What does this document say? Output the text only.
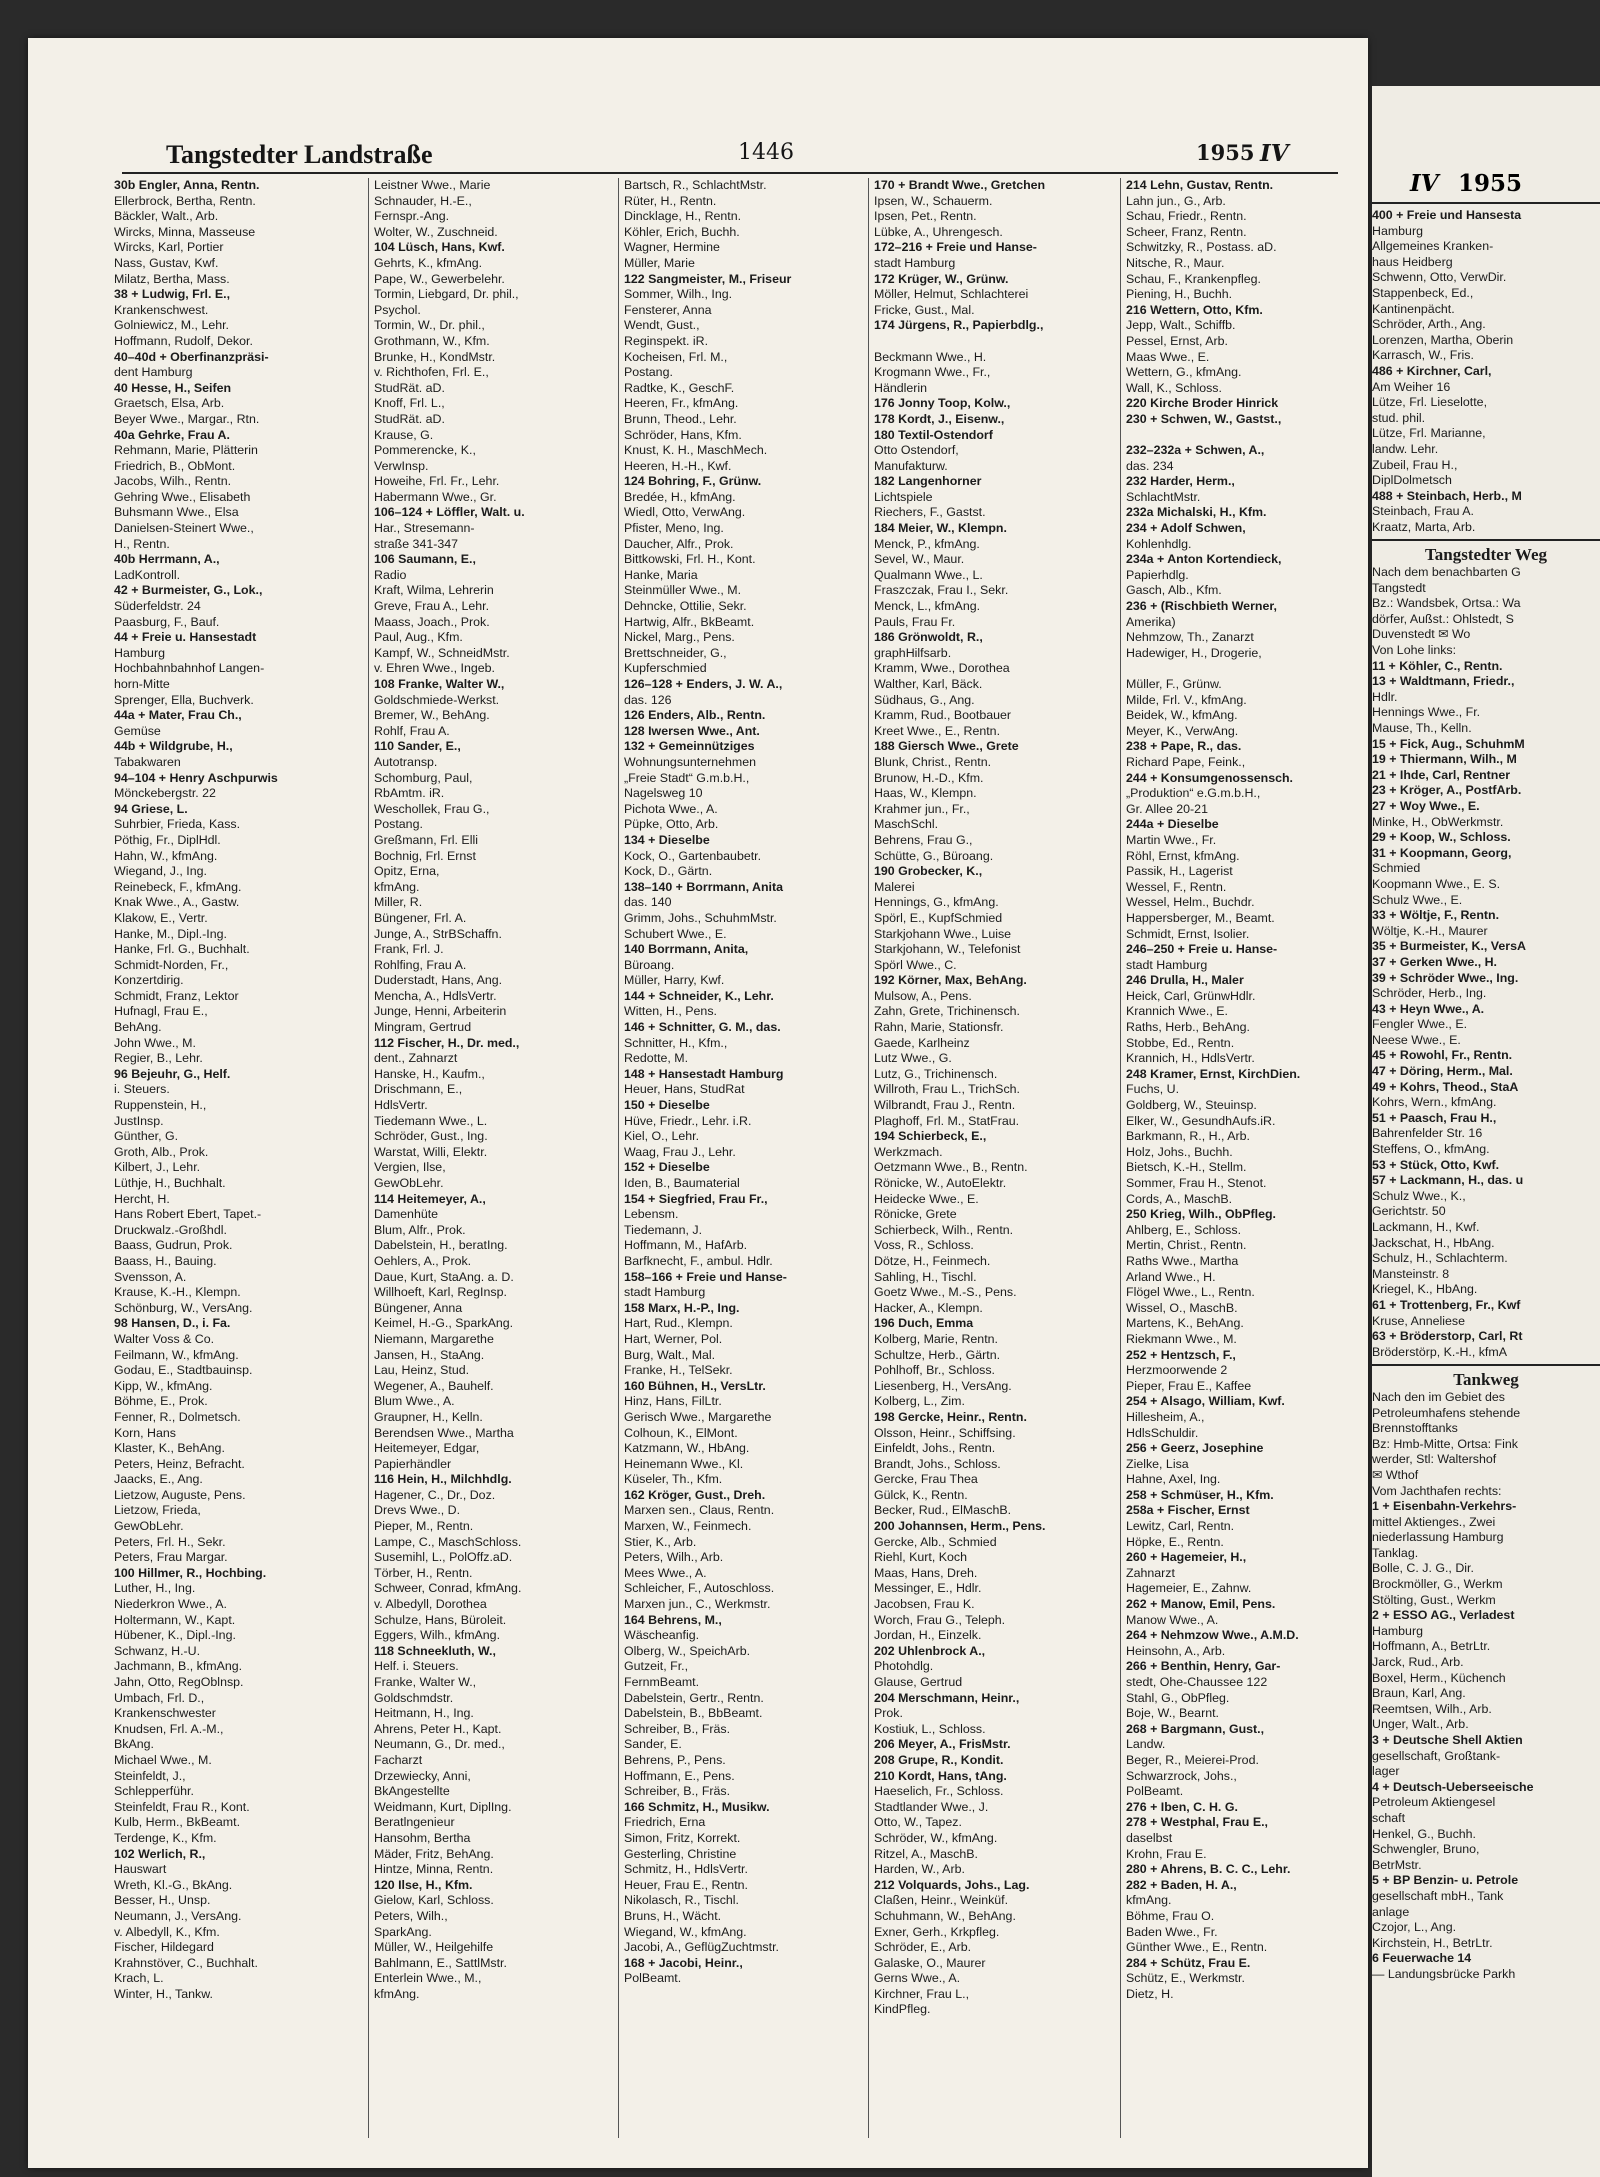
Tangstedter Landstraße	1446	1955 IV
30b Engler, Anna, Rentn.
Ellerbrock, Bertha, Rentn.
Bäckler, Walt., Arb.
Wircks, Minna, Masseuse
Wircks, Karl, Portier
Nass, Gustav, Kwf.
Milatz, Bertha, Mass.
38 + Ludwig, Frl. E.,
Krankenschwest.
Golniewicz, M., Lehr.
Hoffmann, Rudolf, Dekor.
40–40d + Oberfinanzpräsi-
dent Hamburg
40 Hesse, H., Seifen
Graetsch, Elsa, Arb.
Beyer Wwe., Margar., Rtn.
40a Gehrke, Frau A.
Rehmann, Marie, Plätterin
Friedrich, B., ObMont.
Jacobs, Wilh., Rentn.
Gehring Wwe., Elisabeth
Buhsmann Wwe., Elsa
Danielsen-Steinert Wwe.,
H., Rentn.
40b Herrmann, A.,
LadKontroll.
42 + Burmeister, G., Lok.,
Süderfeldstr. 24
Paasburg, F., Bauf.
44 + Freie u. Hansestadt
Hamburg
Hochbahnbahnhof Langen-
horn-Mitte
Sprenger, Ella, Buchverk.
44a + Mater, Frau Ch.,
Gemüse
44b + Wildgrube, H.,
Tabakwaren
94–104 + Henry Aschpurwis
Mönckebergstr. 22
94 Griese, L.
Suhrbier, Frieda, Kass.
Pöthig, Fr., DiplHdl.
Hahn, W., kfmAng.
Wiegand, J., Ing.
Reinebeck, F., kfmAng.
Knak Wwe., A., Gastw.
Klakow, E., Vertr.
Hanke, M., Dipl.-Ing.
Hanke, Frl. G., Buchhalt.
Schmidt-Norden, Fr.,
Konzertdirig.
Schmidt, Franz, Lektor
Hufnagl, Frau E.,
BehAng.
John Wwe., M.
Regier, B., Lehr.
96 Bejeuhr, G., Helf.
i. Steuers.
Ruppenstein, H.,
JustInsp.
Günther, G.
Groth, Alb., Prok.
Kilbert, J., Lehr.
Lüthje, H., Buchhalt.
Hercht, H.
Hans Robert Ebert, Tapet.-
Druckwalz.-Großhdl.
Baass, Gudrun, Prok.
Baass, H., Bauing.
Svensson, A.
Krause, K.-H., Klempn.
Schönburg, W., VersAng.
98 Hansen, D., i. Fa.
Walter Voss & Co.
Feilmann, W., kfmAng.
Godau, E., Stadtbauinsp.
Kipp, W., kfmAng.
Böhme, E., Prok.
Fenner, R., Dolmetsch.
Korn, Hans
Klaster, K., BehAng.
Peters, Heinz, Befracht.
Jaacks, E., Ang.
Lietzow, Auguste, Pens.
Lietzow, Frieda,
GewObLehr.
Peters, Frl. H., Sekr.
Peters, Frau Margar.
100 Hillmer, R., Hochbing.
Luther, H., Ing.
Niederkron Wwe., A.
Holtermann, W., Kapt.
Hübener, K., Dipl.-Ing.
Schwanz, H.-U.
Jachmann, B., kfmAng.
Jahn, Otto, RegOblnsp.
Umbach, Frl. D.,
Krankenschwester
Knudsen, Frl. A.-M.,
BkAng.
Michael Wwe., M.
Steinfeldt, J.,
Schlepperführ.
Steinfeldt, Frau R., Kont.
Kulb, Herm., BkBeamt.
Terdenge, K., Kfm.
102 Werlich, R.,
Hauswart
Wreth, Kl.-G., BkAng.
Besser, H., Unsp.
Neumann, J., VersAng.
v. Albedyll, K., Kfm.
Fischer, Hildegard
Krahnstöver, C., Buchhalt.
Krach, L.
Winter, H., Tankw.
Leistner Wwe., Marie
Schnauder, H.-E.,
Fernspr.-Ang.
Wolter, W., Zuschneid.
104 Lüsch, Hans, Kwf.
Gehrts, K., kfmAng.
Pape, W., Gewerbelehr.
Tormin, Liebgard, Dr. phil.,
Psychol.
Tormin, W., Dr. phil.,
Grothmann, W., Kfm.
Brunke, H., KondMstr.
v. Richthofen, Frl. E.,
StudRät. aD.
Knoff, Frl. L.,
StudRät. aD.
Krause, G.
Pommerencke, K.,
VerwInsp.
Howeihe, Frl. Fr., Lehr.
Habermann Wwe., Gr.
106–124 + Löffler, Walt. u.
Har., Stresemann-
straße 341-347
106 Saumann, E.,
Radio
Kraft, Wilma, Lehrerin
Greve, Frau A., Lehr.
Maass, Joach., Prok.
Paul, Aug., Kfm.
Kampf, W., SchneidMstr.
v. Ehren Wwe., Ingeb.
108 Franke, Walter W.,
Goldschmiede-Werkst.
Bremer, W., BehAng.
Rohlf, Frau A.
110 Sander, E.,
Autotransp.
Schomburg, Paul,
RbAmtm. iR.
Weschollek, Frau G.,
Postang.
Greßmann, Frl. Elli
Bochnig, Frl. Ernst
Opitz, Erna,
kfmAng.
Miller, R.
Büngener, Frl. A.
Junge, A., StrBSchaffn.
Frank, Frl. J.
Rohlfing, Frau A.
Duderstadt, Hans, Ang.
Mencha, A., HdlsVertr.
Junge, Henni, Arbeiterin
Mingram, Gertrud
112 Fischer, H., Dr. med.,
dent., Zahnarzt
Hanske, H., Kaufm.,
Drischmann, E.,
HdlsVertr.
Tiedemann Wwe., L.
Schröder, Gust., Ing.
Warstat, Willi, Elektr.
Vergien, Ilse,
GewObLehr.
114 Heitemeyer, A.,
Damenhüte
Blum, Alfr., Prok.
Dabelstein, H., beratIng.
Oehlers, A., Prok.
Daue, Kurt, StaAng. a. D.
Willhoeft, Karl, RegInsp.
Büngener, Anna
Keimel, H.-G., SparkAng.
Niemann, Margarethe
Jansen, H., StaAng.
Lau, Heinz, Stud.
Wegener, A., Bauhelf.
Blum Wwe., A.
Graupner, H., Kelln.
Berendsen Wwe., Martha
Heitemeyer, Edgar,
Papierhändler
116 Hein, H., Milchhdlg.
Hagener, C., Dr., Doz.
Drevs Wwe., D.
Pieper, M., Rentn.
Lampe, C., MaschSchloss.
Susemihl, L., PolOffz.aD.
Törber, H., Rentn.
Schweer, Conrad, kfmAng.
v. Albedyll, Dorothea
Schulze, Hans, Büroleit.
Eggers, Wilh., kfmAng.
118 Schneekluth, W.,
Helf. i. Steuers.
Franke, Walter W.,
Goldschmdstr.
Heitmann, H., Ing.
Ahrens, Peter H., Kapt.
Neumann, G., Dr. med.,
Facharzt
Drzewiecky, Anni,
BkAngestellte
Weidmann, Kurt, DiplIng.
Beratlngenieur
Hansohm, Bertha
Mäder, Fritz, BehAng.
Hintze, Minna, Rentn.
120 Ilse, H., Kfm.
Gielow, Karl, Schloss.
Peters, Wilh.,
SparkAng.
Müller, W., Heilgehilfe
Bahlmann, E., SattlMstr.
Enterlein Wwe., M.,
kfmAng.
Bartsch, R., SchlachtMstr.
Rüter, H., Rentn.
Dincklage, H., Rentn.
Köhler, Erich, Buchh.
Wagner, Hermine
Müller, Marie
122 Sangmeister, M., Friseur
Sommer, Wilh., Ing.
Fensterer, Anna
Wendt, Gust.,
Reginspekt. iR.
Kocheisen, Frl. M.,
Postang.
Radtke, K., GeschF.
Heeren, Fr., kfmAng.
Brunn, Theod., Lehr.
Schröder, Hans, Kfm.
Knust, K. H., MaschMech.
Heeren, H.-H., Kwf.
124 Bohring, F., Grünw.
Bredée, H., kfmAng.
Wiedl, Otto, VerwAng.
Pfister, Meno, Ing.
Daucher, Alfr., Prok.
Bittkowski, Frl. H., Kont.
Hanke, Maria
Steinmüller Wwe., M.
Dehncke, Ottilie, Sekr.
Hartwig, Alfr., BkBeamt.
Nickel, Marg., Pens.
Brettschneider, G.,
Kupferschmied
126–128 + Enders, J. W. A.,
das. 126
126 Enders, Alb., Rentn.
128 Iwersen Wwe., Ant.
132 + Gemeinnütziges
Wohnungsunternehmen
„Freie Stadt“ G.m.b.H.,
Nagelsweg 10
Pichota Wwe., A.
Püpke, Otto, Arb.
134 + Dieselbe
Kock, O., Gartenbaubetr.
Kock, D., Gärtn.
138–140 + Borrmann, Anita
das. 140
Grimm, Johs., SchuhmMstr.
Schubert Wwe., E.
140 Borrmann, Anita,
Büroang.
Müller, Harry, Kwf.
144 + Schneider, K., Lehr.
Witten, H., Pens.
146 + Schnitter, G. M., das.
Schnitter, H., Kfm.,
Redotte, M.
148 + Hansestadt Hamburg
Heuer, Hans, StudRat
150 + Dieselbe
Hüve, Friedr., Lehr. i.R.
Kiel, O., Lehr.
Waag, Frau J., Lehr.
152 + Dieselbe
Iden, B., Baumaterial
154 + Siegfried, Frau Fr.,
Lebensm.
Tiedemann, J.
Hoffmann, M., HafArb.
Barfknecht, F., ambul. Hdlr.
158–166 + Freie und Hanse-
stadt Hamburg
158 Marx, H.-P., Ing.
Hart, Rud., Klempn.
Hart, Werner, Pol.
Burg, Walt., Mal.
Franke, H., TelSekr.
160 Bühnen, H., VersLtr.
Hinz, Hans, FilLtr.
Gerisch Wwe., Margarethe
Colhoun, K., ElMont.
Katzmann, W., HbAng.
Heinemann Wwe., Kl.
Küseler, Th., Kfm.
162 Kröger, Gust., Dreh.
Marxen sen., Claus, Rentn.
Marxen, W., Feinmech.
Stier, K., Arb.
Peters, Wilh., Arb.
Mees Wwe., A.
Schleicher, F., Autoschloss.
Marxen jun., C., Werkmstr.
164 Behrens, M.,
Wäscheanfig.
Olberg, W., SpeichArb.
Gutzeit, Fr.,
FernmBeamt.
Dabelstein, Gertr., Rentn.
Dabelstein, B., BbBeamt.
Schreiber, B., Fräs.
Sander, E.
Behrens, P., Pens.
Hoffmann, E., Pens.
Schreiber, B., Fräs.
166 Schmitz, H., Musikw.
Friedrich, Erna
Simon, Fritz, Korrekt.
Gesterling, Christine
Schmitz, H., HdlsVertr.
Heuer, Frau E., Rentn.
Nikolasch, R., Tischl.
Bruns, H., Wächt.
Wiegand, W., kfmAng.
Jacobi, A., GeflügZuchtmstr.
168 + Jacobi, Heinr.,
PolBeamt.
170 + Brandt Wwe., Gretchen
Ipsen, W., Schauerm.
Ipsen, Pet., Rentn.
Lübke, A., Uhrengesch.
172–216 + Freie und Hanse-
stadt Hamburg
172 Krüger, W., Grünw.
Möller, Helmut, Schlachterei
Fricke, Gust., Mal.
174 Jürgens, R., Papierbdlg.,

Beckmann Wwe., H.
Krogmann Wwe., Fr.,
Händlerin
176 Jonny Toop, Kolw.,
178 Kordt, J., Eisenw.,
180 Textil-Ostendorf
Otto Ostendorf,
Manufakturw.
182 Langenhorner
Lichtspiele
Riechers, F., Gastst.
184 Meier, W., Klempn.
Menck, P., kfmAng.
Sevel, W., Maur.
Qualmann Wwe., L.
Fraszczak, Frau I., Sekr.
Menck, L., kfmAng.
Pauls, Frau Fr.
186 Grönwoldt, R.,
graphHilfsarb.
Kramm, Wwe., Dorothea
Walther, Karl, Bäck.
Südhaus, G., Ang.
Kramm, Rud., Bootbauer
Kreet Wwe., E., Rentn.
188 Giersch Wwe., Grete
Blunk, Christ., Rentn.
Brunow, H.-D., Kfm.
Haas, W., Klempn.
Krahmer jun., Fr.,
MaschSchl.
Behrens, Frau G.,
Schütte, G., Büroang.
190 Grobecker, K.,
Malerei
Hennings, G., kfmAng.
Spörl, E., KupfSchmied
Starkjohann Wwe., Luise
Starkjohann, W., Telefonist
Spörl Wwe., C.
192 Körner, Max, BehAng.
Mulsow, A., Pens.
Zahn, Grete, Trichinensch.
Rahn, Marie, Stationsfr.
Gaede, Karlheinz
Lutz Wwe., G.
Lutz, G., Trichinensch.
Willroth, Frau L., TrichSch.
Wilbrandt, Frau J., Rentn.
Plaghoff, Frl. M., StatFrau.
194 Schierbeck, E.,
Werkzmach.
Oetzmann Wwe., B., Rentn.
Rönicke, W., AutoElektr.
Heidecke Wwe., E.
Rönicke, Grete
Schierbeck, Wilh., Rentn.
Voss, R., Schloss.
Dötze, H., Feinmech.
Sahling, H., Tischl.
Goetz Wwe., M.-S., Pens.
Hacker, A., Klempn.
196 Duch, Emma
Kolberg, Marie, Rentn.
Schultze, Herb., Gärtn.
Pohlhoff, Br., Schloss.
Liesenberg, H., VersAng.
Kolberg, L., Zim.
198 Gercke, Heinr., Rentn.
Olsson, Heinr., Schiffsing.
Einfeldt, Johs., Rentn.
Brandt, Johs., Schloss.
Gercke, Frau Thea
Gülck, K., Rentn.
Becker, Rud., ElMaschB.
200 Johannsen, Herm., Pens.
Gercke, Alb., Schmied
Riehl, Kurt, Koch
Maas, Hans, Dreh.
Messinger, E., Hdlr.
Jacobsen, Frau K.
Worch, Frau G., Teleph.
Jordan, H., Einzelk.
202 Uhlenbrock A.,
Photohdlg.
Glause, Gertrud
204 Merschmann, Heinr.,
Prok.
Kostiuk, L., Schloss.
206 Meyer, A., FrisMstr.
208 Grupe, R., Kondit.
210 Kordt, Hans, tAng.
Haeselich, Fr., Schloss.
Stadtlander Wwe., J.
Otto, W., Tapez.
Schröder, W., kfmAng.
Ritzel, A., MaschB.
Harden, W., Arb.
212 Volquards, Johs., Lag.
Claßen, Heinr., Weinküf.
Schuhmann, W., BehAng.
Exner, Gerh., Krkpfleg.
Schröder, E., Arb.
Galaske, O., Maurer
Gerns Wwe., A.
Kirchner, Frau L.,
KindPfleg.
214 Lehn, Gustav, Rentn.
Lahn jun., G., Arb.
Schau, Friedr., Rentn.
Scheer, Franz, Rentn.
Schwitzky, R., Postass. aD.
Nitsche, R., Maur.
Schau, F., Krankenpfleg.
Piening, H., Buchh.
216 Wettern, Otto, Kfm.
Jepp, Walt., Schiffb.
Pessel, Ernst, Arb.
Maas Wwe., E.
Wettern, G., kfmAng.
Wall, K., Schloss.
220 Kirche Broder Hinrick
230 + Schwen, W., Gastst.,

232–232a + Schwen, A.,
das. 234
232 Harder, Herm.,
SchlachtMstr.
232a Michalski, H., Kfm.
234 + Adolf Schwen,
Kohlenhdlg.
234a + Anton Kortendieck,
Papierhdlg.
Gasch, Alb., Kfm.
236 + (Rischbieth Werner,
Amerika)
Nehmzow, Th., Zanarzt
Hadewiger, H., Drogerie,

Müller, F., Grünw.
Milde, Frl. V., kfmAng.
Beidek, W., kfmAng.
Meyer, K., VerwAng.
238 + Pape, R., das.
Richard Pape, Feink.,
244 + Konsumgenossensch.
„Produktion“ e.G.m.b.H.,
Gr. Allee 20-21
244a + Dieselbe
Martin Wwe., Fr.
Röhl, Ernst, kfmAng.
Passik, H., Lagerist
Wessel, F., Rentn.
Wessel, Helm., Buchdr.
Happersberger, M., Beamt.
Schmidt, Ernst, Isolier.
246–250 + Freie u. Hanse-
stadt Hamburg
246 Drulla, H., Maler
Heick, Carl, GrünwHdlr.
Krannich Wwe., E.
Raths, Herb., BehAng.
Stobbe, Ed., Rentn.
Krannich, H., HdlsVertr.
248 Kramer, Ernst, KirchDien.
Fuchs, U.
Goldberg, W., Steuinsp.
Elker, W., GesundhAufs.iR.
Barkmann, R., H., Arb.
Holz, Johs., Buchh.
Bietsch, K.-H., Stellm.
Sommer, Frau H., Stenot.
Cords, A., MaschB.
250 Krieg, Wilh., ObPfleg.
Ahlberg, E., Schloss.
Mertin, Christ., Rentn.
Raths Wwe., Martha
Arland Wwe., H.
Flögel Wwe., L., Rentn.
Wissel, O., MaschB.
Martens, K., BehAng.
Riekmann Wwe., M.
252 + Hentzsch, F.,
Herzmoorwende 2
Pieper, Frau E., Kaffee
254 + Alsago, William, Kwf.
Hillesheim, A.,
HdlsSchuldir.
256 + Geerz, Josephine
Zielke, Lisa
Hahne, Axel, Ing.
258 + Schmüser, H., Kfm.
258a + Fischer, Ernst
Lewitz, Carl, Rentn.
Höpke, E., Rentn.
260 + Hagemeier, H.,
Zahnarzt
Hagemeier, E., Zahnw.
262 + Manow, Emil, Pens.
Manow Wwe., A.
264 + Nehmzow Wwe., A.M.D.
Heinsohn, A., Arb.
266 + Benthin, Henry, Gar-
stedt, Ohe-Chaussee 122
Stahl, G., ObPfleg.
Boje, W., Bearnt.
268 + Bargmann, Gust.,
Landw.
Beger, R., Meierei-Prod.
Schwarzrock, Johs.,
PolBeamt.
276 + Iben, C. H. G.
278 + Westphal, Frau E.,
daselbst
Krohn, Frau E.
280 + Ahrens, B. C. C., Lehr.
282 + Baden, H. A.,
kfmAng.
Böhme, Frau O.
Baden Wwe., Fr.
Günther Wwe., E., Rentn.
284 + Schütz, Frau E.
Schütz, E., Werkmstr.
Dietz, H.
IV 1955
400 + Freie und Hansesta
Hamburg
Allgemeines Kranken-
haus Heidberg
Schwenn, Otto, VerwDir.
Stappenbeck, Ed.,
Kantinenpächt.
Schröder, Arth., Ang.
Lorenzen, Martha, Oberin
Karrasch, W., Fris.
486 + Kirchner, Carl,
Am Weiher 16
Lütze, Frl. Lieselotte,
stud. phil.
Lütze, Frl. Marianne,
landw. Lehr.
Zubeil, Frau H.,
DiplDolmetsch
488 + Steinbach, Herb., M
Steinbach, Frau A.
Kraatz, Marta, Arb.
Tangstedter Weg
Nach dem benachbarten G
Tangstedt
Bz.: Wandsbek, Ortsa.: Wa
dörfer, Außst.: Ohlstedt, S
Duvenstedt ✉ Wo
Von Lohe links:
11 + Köhler, C., Rentn.
13 + Waldtmann, Friedr.,
Hdlr.
Hennings Wwe., Fr.
Mause, Th., Kelln.
15 + Fick, Aug., SchuhmM
19 + Thiermann, Wilh., M
21 + Ihde, Carl, Rentner
23 + Kröger, A., PostfArb.
27 + Woy Wwe., E.
Minke, H., ObWerkmstr.
29 + Koop, W., Schloss.
31 + Koopmann, Georg,
Schmied
Koopmann Wwe., E. S.
Schulz Wwe., E.
33 + Wöltje, F., Rentn.
Wöltje, K.-H., Maurer
35 + Burmeister, K., VersA
37 + Gerken Wwe., H.
39 + Schröder Wwe., Ing.
Schröder, Herb., Ing.
43 + Heyn Wwe., A.
Fengler Wwe., E.
Neese Wwe., E.
45 + Rowohl, Fr., Rentn.
47 + Döring, Herm., Mal.
49 + Kohrs, Theod., StaA
Kohrs, Wern., kfmAng.
51 + Paasch, Frau H.,
Bahrenfelder Str. 16
Steffens, O., kfmAng.
53 + Stück, Otto, Kwf.
57 + Lackmann, H., das. u
Schulz Wwe., K.,
Gerichtstr. 50
Lackmann, H., Kwf.
Jackschat, H., HbAng.
Schulz, H., Schlachterm.
Mansteinstr. 8
Kriegel, K., HbAng.
61 + Trottenberg, Fr., Kwf
Kruse, Anneliese
63 + Bröderstorp, Carl, Rt
Bröderstörp, K.-H., kfmA
Tankweg
Nach den im Gebiet des
Petroleumhafens stehende
Brennstofftanks
Bz: Hmb-Mitte, Ortsa: Fink
werder, Stl: Waltershof
✉ Wthof
Vom Jachthafen rechts:
1 + Eisenbahn-Verkehrs-
mittel Aktienges., Zwei
niederlassung Hamburg
Tanklag.
Bolle, C. J. G., Dir.
Brockmöller, G., Werkm
Stölting, Gust., Werkm
2 + ESSO AG., Verladest
Hamburg
Hoffmann, A., BetrLtr.
Jarck, Rud., Arb.
Boxel, Herm., Küchench
Braun, Karl, Ang.
Reemtsen, Wilh., Arb.
Unger, Walt., Arb.
3 + Deutsche Shell Aktien
gesellschaft, Großtank-
lager
4 + Deutsch-Ueberseeische
Petroleum Aktiengesel
schaft
Henkel, G., Buchh.
Schwengler, Bruno,
BetrMstr.
5 + BP Benzin- u. Petrole
gesellschaft mbH., Tank
anlage
Czojor, L., Ang.
Kirchstein, H., BetrLtr.
6 Feuerwache 14
— Landungsbrücke Parkh
